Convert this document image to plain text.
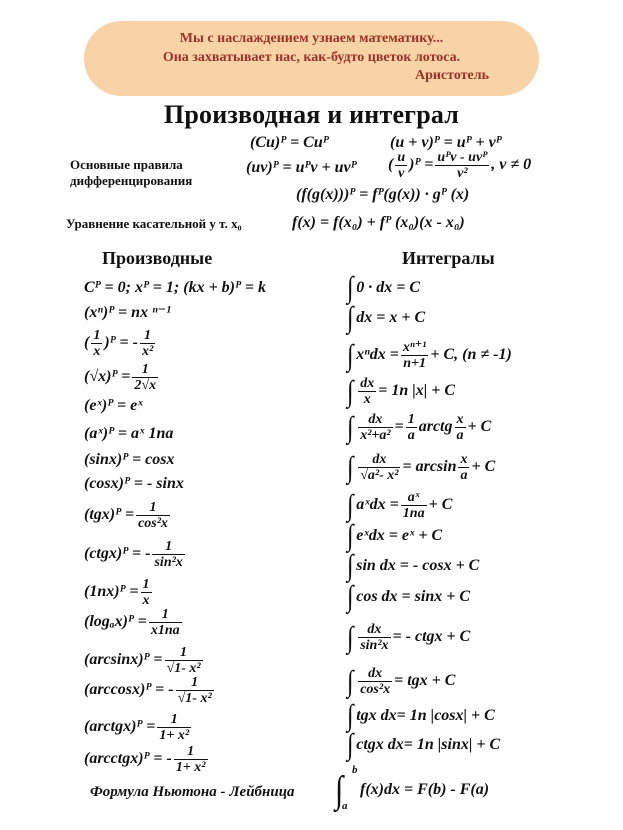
Мы с наслаждением узнаем математику...
Она захватывает нас, как-будто цветок лотоса.
Аристотель
Производная и интеграл
Основные правила
дифференцирования
(Cu)ᴾ = Cuᴾ	(u + v)ᴾ = uᴾ + vᴾ
(uv)ᴾ = uᴾv + uvᴾ ( $\frac{u}{v}$ )ᴾ = $\frac{\text{uᴾv - uvᴾ}}{\text{v²}}$ , v ≠ 0
(f(g(x)))ᴾ = fᴾ(g(x)) · gᴾ (x)
Уравнение касательной у т. x₀	f(x) = f(x₀) + fᴾ (x₀)(x - x₀)
Производные	Интегралы
Cᴾ = 0; xᴾ = 1; (kx + b)ᴾ = k
(xⁿ)ᴾ = nx ⁿ⁻¹
( $\frac{1}{x}$ )ᴾ = - $\frac{1}{\text{x²}}$
(√x)ᴾ = $\frac{1}{2√x}$
(eˣ)ᴾ = eˣ
(aˣ)ᴾ = aˣ 1na
(sinx)ᴾ = cosx
(cosx)ᴾ = - sinx
(tgx)ᴾ = $\frac{1}{\text{cos²x}}$
(ctgx)ᴾ = - $\frac{1}{\text{sin²x}}$
(1nx)ᴾ = $\frac{1}{x}$
(logₐx)ᴾ = $\frac{1}{x1na}$
(arcsinx)ᴾ = $\frac{1}{\text{√1- x²}}$
(arccosx)ᴾ = - $\frac{1}{\text{√1- x²}}$
(arctgx)ᴾ = $\frac{1}{\text{1+ x²}}$
(arcctgx)ᴾ = - $\frac{1}{\text{1+ x²}}$
∫ 0 · dx = C
∫ dx = x + C
∫ $x^ndx = \frac{\text{xⁿ⁺¹}}{n+1} + C$, (n ≠ -1)
∫ $\frac{dx}{x} = 1n$ |x| + C
∫ $\frac{dx}{\text{x²+a²}} = \frac{1}{a}$ arctg $\frac{x}{a} + C$
∫ $\frac{dx}{\text{√a²- x²}} = \arcsin \frac{x}{a} + C$
∫ aˣdx = $\frac{\text{aˣ}}{1na} + C$
∫ eˣdx = eˣ + C
∫ sin dx = - cosx + C
∫ cos dx = sinx + C
∫ $\frac{dx}{\text{sin²x}}$ = - ctgx + C
∫ $\frac{dx}{\text{cos²x}}$ = tgx + C
∫ tgx dx= 1n |cosx| + C
∫ ctgx dx= 1n |sinx| + C
Формула Ньютона - Лейбница
b
∫
a
f(x)dx = F(b) - F(a)
